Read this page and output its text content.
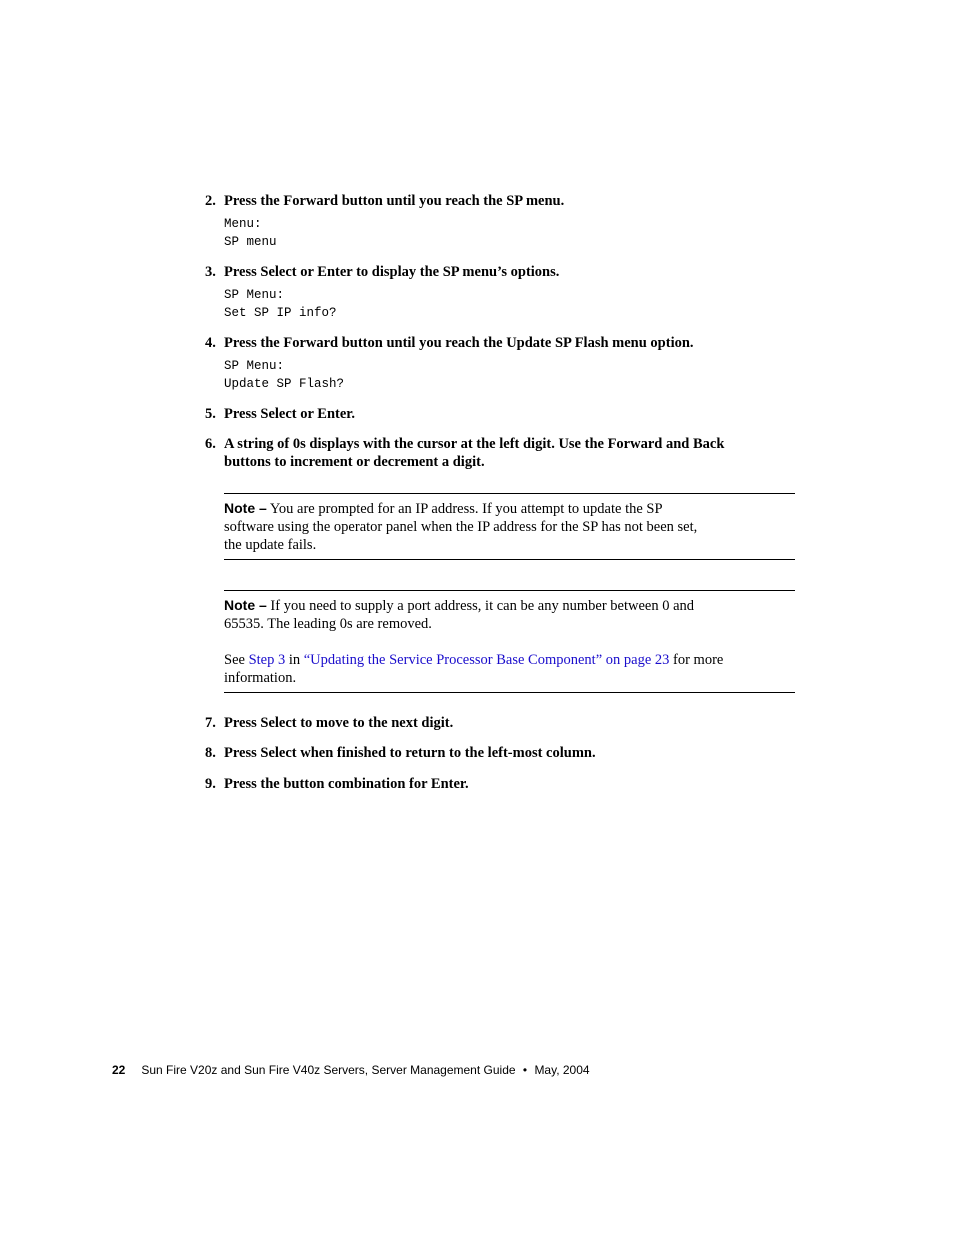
2. Press the Forward button until you reach the SP menu.
Menu:
SP menu
3. Press Select or Enter to display the SP menu’s options.
SP Menu:
Set SP IP info?
4. Press the Forward button until you reach the Update SP Flash menu option.
SP Menu:
Update SP Flash?
5. Press Select or Enter.
6. A string of 0s displays with the cursor at the left digit. Use the Forward and Back
buttons to increment or decrement a digit.
Note – You are prompted for an IP address. If you attempt to update the SP
software using the operator panel when the IP address for the SP has not been set,
the update fails.
Note – If you need to supply a port address, it can be any number between 0 and
65535. The leading 0s are removed.
See Step 3 in “Updating the Service Processor Base Component” on page 23 for more
information.
7. Press Select to move to the next digit.
8. Press Select when finished to return to the left-most column.
9. Press the button combination for Enter.
22 Sun Fire V20z and Sun Fire V40z Servers, Server Management Guide • May, 2004
